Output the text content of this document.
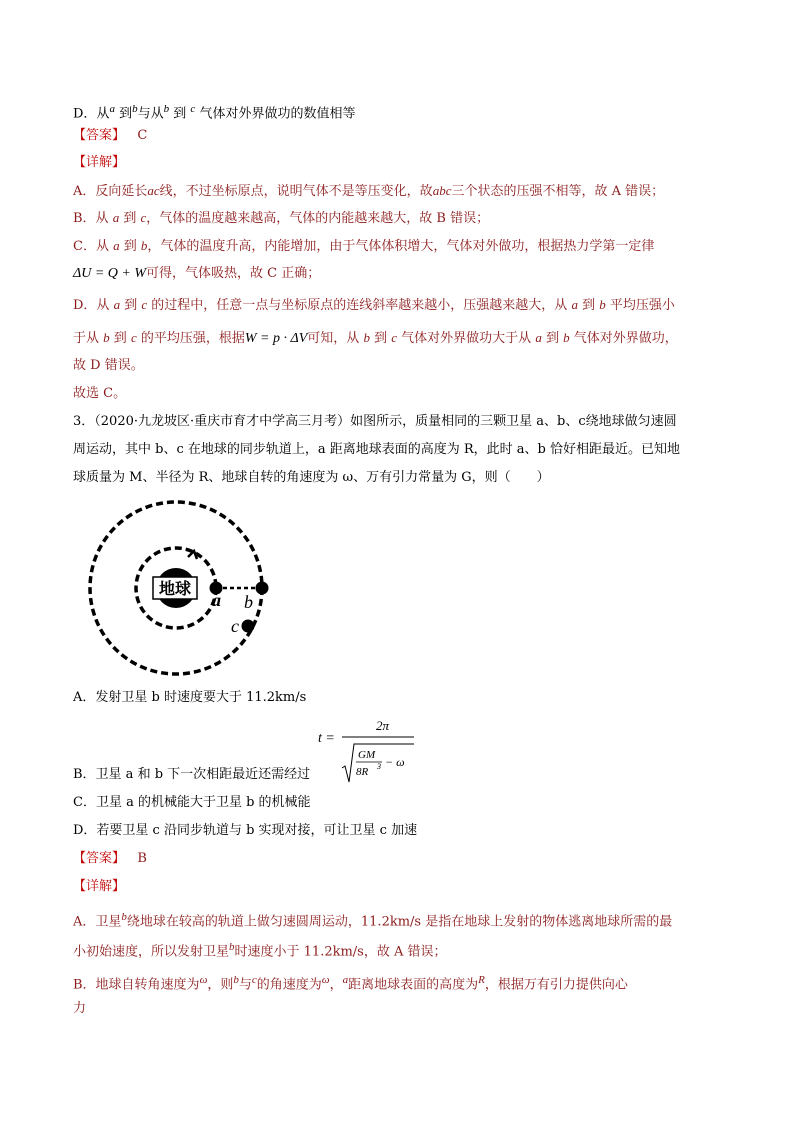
D．从$^a$ 到$^b$与从$^b$ 到 $^c$ 气体对外界做功的数值相等
【答案】 C
【详解】
A．反向延长ac线，不过坐标原点，说明气体不是等压变化，故abc三个状态的压强不相等，故 A 错误；
B．从 a 到 c，气体的温度越来越高，气体的内能越来越大，故 B 错误；
C．从 a 到 b，气体的温度升高，内能增加，由于气体体积增大，气体对外做功，根据热力学第一定律
ΔU = Q + W可得，气体吸热，故 C 正确；
D．从 a 到 c 的过程中，任意一点与坐标原点的连线斜率越来越小，压强越来越大，从 a 到 b 平均压强小
于从 b 到 c 的平均压强，根据W = p · ΔV可知，从 b 到 c 气体对外界做功大于从 a 到 b 气体对外界做功，
故 D 错误。
故选 C。
3．（2020·九龙坡区·重庆市育才中学高三月考）如图所示，质量相同的三颗卫星 a、b、c绕地球做匀速圆
周运动，其中 b、c 在地球的同步轨道上，a 距离地球表面的高度为 R，此时 a、b 恰好相距最近。已知地
球质量为 M、半径为 R、地球自转的角速度为 ω、万有引力常量为 G，则（　　）
地球
a b
c
A．发射卫星 b 时速度要大于 11.2km/s
t =
2π
GM
8R 3 − ω
B．卫星 a 和 b 下一次相距最近还需经过
C．卫星 a 的机械能大于卫星 b 的机械能
D．若要卫星 c 沿同步轨道与 b 实现对接，可让卫星 c 加速
【答案】 B
【详解】
A．卫星$^b$绕地球在较高的轨道上做匀速圆周运动，11.2km/s 是指在地球上发射的物体逃离地球所需的最
小初始速度，所以发射卫星$^b$时速度小于 11.2km/s，故 A 错误；
B．地球自转角速度为$^\omega$，则$^b$与$^c$的角速度为$^\omega$，$^a$距离地球表面的高度为$^R$，根据万有引力提供向心
力
